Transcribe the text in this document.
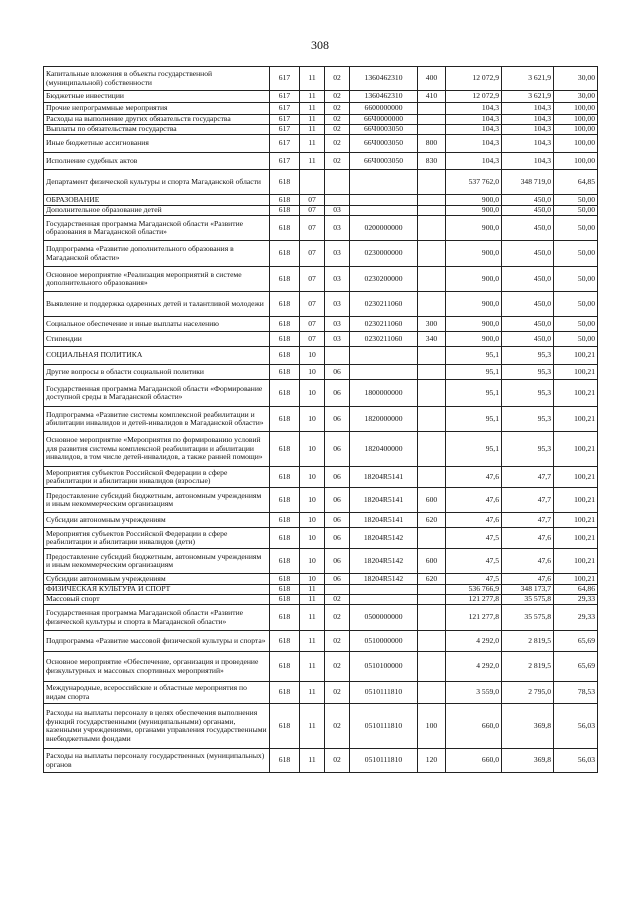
308
Капитальные вложения в объекты государственной (муниципальной) собственности	617	11	02	1360462310	400	12 072,9	3 621,9	30,00
Бюджетные инвестиции	617	11	02	1360462310	410	12 072,9	3 621,9	30,00
Прочие непрограммные мероприятия	617	11	02	6600000000		104,3	104,3	100,00
Расходы на выполнение других обязательств государства	617	11	02	66Ч0000000		104,3	104,3	100,00
Выплаты по обязательствам государства	617	11	02	66Ч0003050		104,3	104,3	100,00
Иные бюджетные ассигнования	617	11	02	66Ч0003050	800	104,3	104,3	100,00
Исполнение судебных актов	617	11	02	66Ч0003050	830	104,3	104,3	100,00
Департамент физической культуры и спорта Магаданской области	618					537 762,0	348 719,0	64,85
ОБРАЗОВАНИЕ	618	07				900,0	450,0	50,00
Дополнительное образование детей	618	07	03			900,0	450,0	50,00
Государственная программа Магаданской области «Развитие образования в Магаданской области»	618	07	03	0200000000		900,0	450,0	50,00
Подпрограмма «Развитие дополнительного образования в Магаданской области»	618	07	03	0230000000		900,0	450,0	50,00
Основное мероприятие «Реализация мероприятий в системе дополнительного образования»	618	07	03	0230200000		900,0	450,0	50,00
Выявление и поддержка одаренных детей и талантливой молодежи	618	07	03	0230211060		900,0	450,0	50,00
Социальное обеспечение и иные выплаты населению	618	07	03	0230211060	300	900,0	450,0	50,00
Стипендии	618	07	03	0230211060	340	900,0	450,0	50,00
СОЦИАЛЬНАЯ ПОЛИТИКА	618	10				95,1	95,3	100,21
Другие вопросы в области социальной политики	618	10	06			95,1	95,3	100,21
Государственная программа Магаданской области «Формирование доступной среды в Магаданской области»	618	10	06	1800000000		95,1	95,3	100,21
Подпрограмма «Развитие системы комплексной реабилитации и абилитации инвалидов и детей-инвалидов в Магаданской области»	618	10	06	1820000000		95,1	95,3	100,21
Основное мероприятие «Мероприятия по формированию условий для развития системы комплексной реабилитации и абилитации инвалидов, в том числе детей-инвалидов, а также ранней помощи»	618	10	06	1820400000		95,1	95,3	100,21
Мероприятия субъектов Российской Федерации в сфере реабилитации и абилитации инвалидов (взрослые)	618	10	06	18204R5141		47,6	47,7	100,21
Предоставление субсидий бюджетным, автономным учреждениям и иным некоммерческим организациям	618	10	06	18204R5141	600	47,6	47,7	100,21
Субсидии автономным учреждениям	618	10	06	18204R5141	620	47,6	47,7	100,21
Мероприятия субъектов Российской Федерации в сфере реабилитации и абилитации инвалидов (дети)	618	10	06	18204R5142		47,5	47,6	100,21
Предоставление субсидий бюджетным, автономным учреждениям и иным некоммерческим организациям	618	10	06	18204R5142	600	47,5	47,6	100,21
Субсидии автономным учреждениям	618	10	06	18204R5142	620	47,5	47,6	100,21
ФИЗИЧЕСКАЯ КУЛЬТУРА И СПОРТ	618	11				536 766,9	348 173,7	64,86
Массовый спорт	618	11	02			121 277,8	35 575,8	29,33
Государственная программа Магаданской области «Развитие физической культуры и спорта в Магаданской области»	618	11	02	0500000000		121 277,8	35 575,8	29,33
Подпрограмма «Развитие массовой физической культуры и спорта»	618	11	02	0510000000		4 292,0	2 819,5	65,69
Основное мероприятие «Обеспечение, организация и проведение физкультурных и массовых спортивных мероприятий»	618	11	02	0510100000		4 292,0	2 819,5	65,69
Международные, всероссийские и областные мероприятия по видам спорта	618	11	02	0510111810		3 559,0	2 795,0	78,53
Расходы на выплаты персоналу в целях обеспечения выполнения функций государственными (муниципальными) органами, казенными учреждениями, органами управления государственными внебюджетными фондами	618	11	02	0510111810	100	660,0	369,8	56,03
Расходы на выплаты персоналу государственных (муниципальных) органов	618	11	02	0510111810	120	660,0	369,8	56,03
